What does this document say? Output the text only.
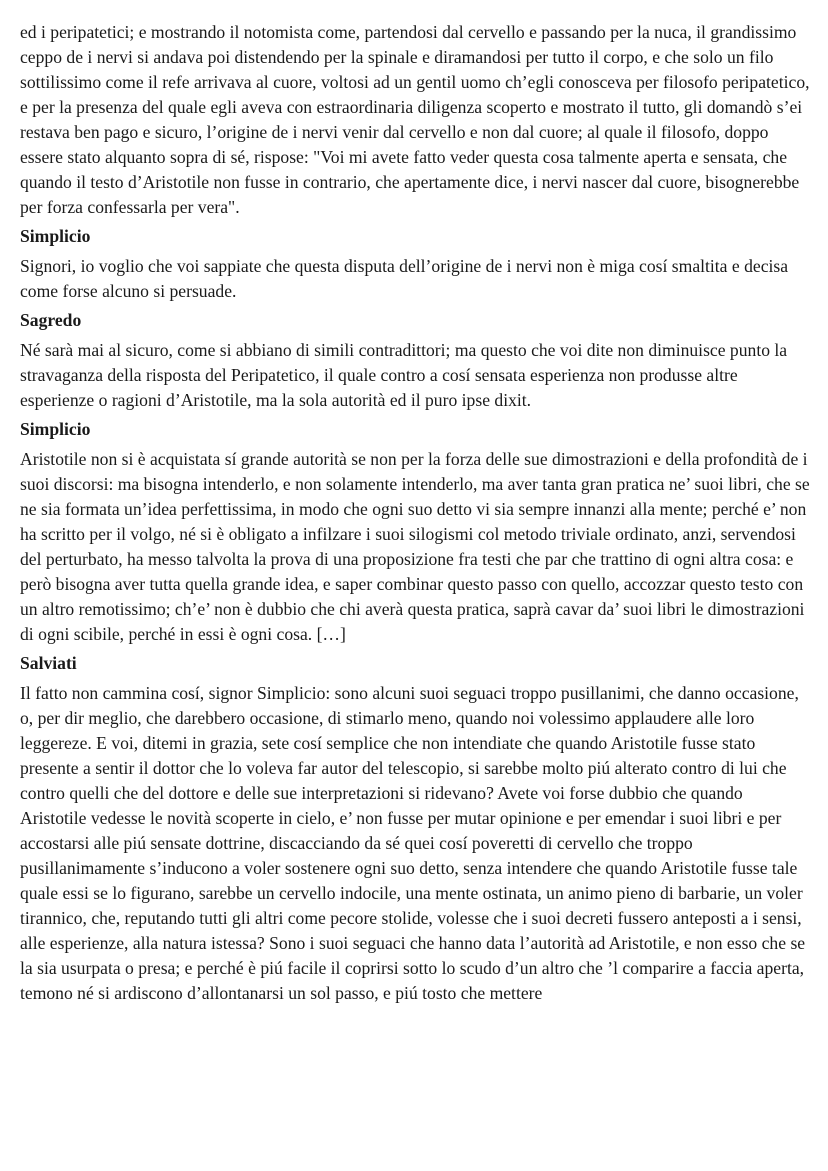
ed i peripatetici; e mostrando il notomista come, partendosi dal cervello e passando per la nuca, il grandissimo ceppo de i nervi si andava poi distendendo per la spinale e diramandosi per tutto il corpo, e che solo un filo sottilissimo come il refe arrivava al cuore, voltosi ad un gentil uomo ch’egli conosceva per filosofo peripatetico, e per la presenza del quale egli aveva con estraordinaria diligenza scoperto e mostrato il tutto, gli domandò s’ei restava ben pago e sicuro, l’origine de i nervi venir dal cervello e non dal cuore; al quale il filosofo, doppo essere stato alquanto sopra di sé, rispose: "Voi mi avete fatto veder questa cosa talmente aperta e sensata, che quando il testo d’Aristotile non fusse in contrario, che apertamente dice, i nervi nascer dal cuore, bisognerebbe per forza confessarla per vera".

Simplicio

Signori, io voglio che voi sappiate che questa disputa dell’origine de i nervi non è miga cosí smaltita e decisa come forse alcuno si persuade.

Sagredo

Né sarà mai al sicuro, come si abbiano di simili contradittori; ma questo che voi dite non diminuisce punto la stravaganza della risposta del Peripatetico, il quale contro a cosí sensata esperienza non produsse altre esperienze o ragioni d’Aristotile, ma la sola autorità ed il puro ipse dixit.

Simplicio

Aristotile non si è acquistata sí grande autorità se non per la forza delle sue dimostrazioni e della profondità de i suoi discorsi: ma bisogna intenderlo, e non solamente intenderlo, ma aver tanta gran pratica ne’ suoi libri, che se ne sia formata un’idea perfettissima, in modo che ogni suo detto vi sia sempre innanzi alla mente; perché e’ non ha scritto per il volgo, né si è obligato a infilzare i suoi silogismi col metodo triviale ordinato, anzi, servendosi del perturbato, ha messo talvolta la prova di una proposizione fra testi che par che trattino di ogni altra cosa: e però bisogna aver tutta quella grande idea, e saper combinar questo passo con quello, accozzar questo testo con un altro remotissimo; ch’e’ non è dubbio che chi averà questa pratica, saprà cavar da’ suoi libri le dimostrazioni di ogni scibile, perché in essi è ogni cosa. […]

Salviati

Il fatto non cammina cosí, signor Simplicio: sono alcuni suoi seguaci troppo pusillanimi, che danno occasione, o, per dir meglio, che darebbero occasione, di stimarlo meno, quando noi volessimo applaudere alle loro leggereze. E voi, ditemi in grazia, sete cosí semplice che non intendiate che quando Aristotile fusse stato presente a sentir il dottor che lo voleva far autor del telescopio, si sarebbe molto piú alterato contro di lui che contro quelli che del dottore e delle sue interpretazioni si ridevano? Avete voi forse dubbio che quando Aristotile vedesse le novità scoperte in cielo, e’ non fusse per mutar opinione e per emendar i suoi libri e per accostarsi alle piú sensate dottrine, discacciando da sé quei cosí poveretti di cervello che troppo pusillanimamente s’inducono a voler sostenere ogni suo detto, senza intendere che quando Aristotile fusse tale quale essi se lo figurano, sarebbe un cervello indocile, una mente ostinata, un animo pieno di barbarie, un voler tirannico, che, reputando tutti gli altri come pecore stolide, volesse che i suoi decreti fussero anteposti a i sensi, alle esperienze, alla natura istessa? Sono i suoi seguaci che hanno data l’autorità ad Aristotile, e non esso che se la sia usurpata o presa; e perché è piú facile il coprirsi sotto lo scudo d’un altro che ’l comparire a faccia aperta, temono né si ardiscono d’allontanarsi un sol passo, e piú tosto che mettere
